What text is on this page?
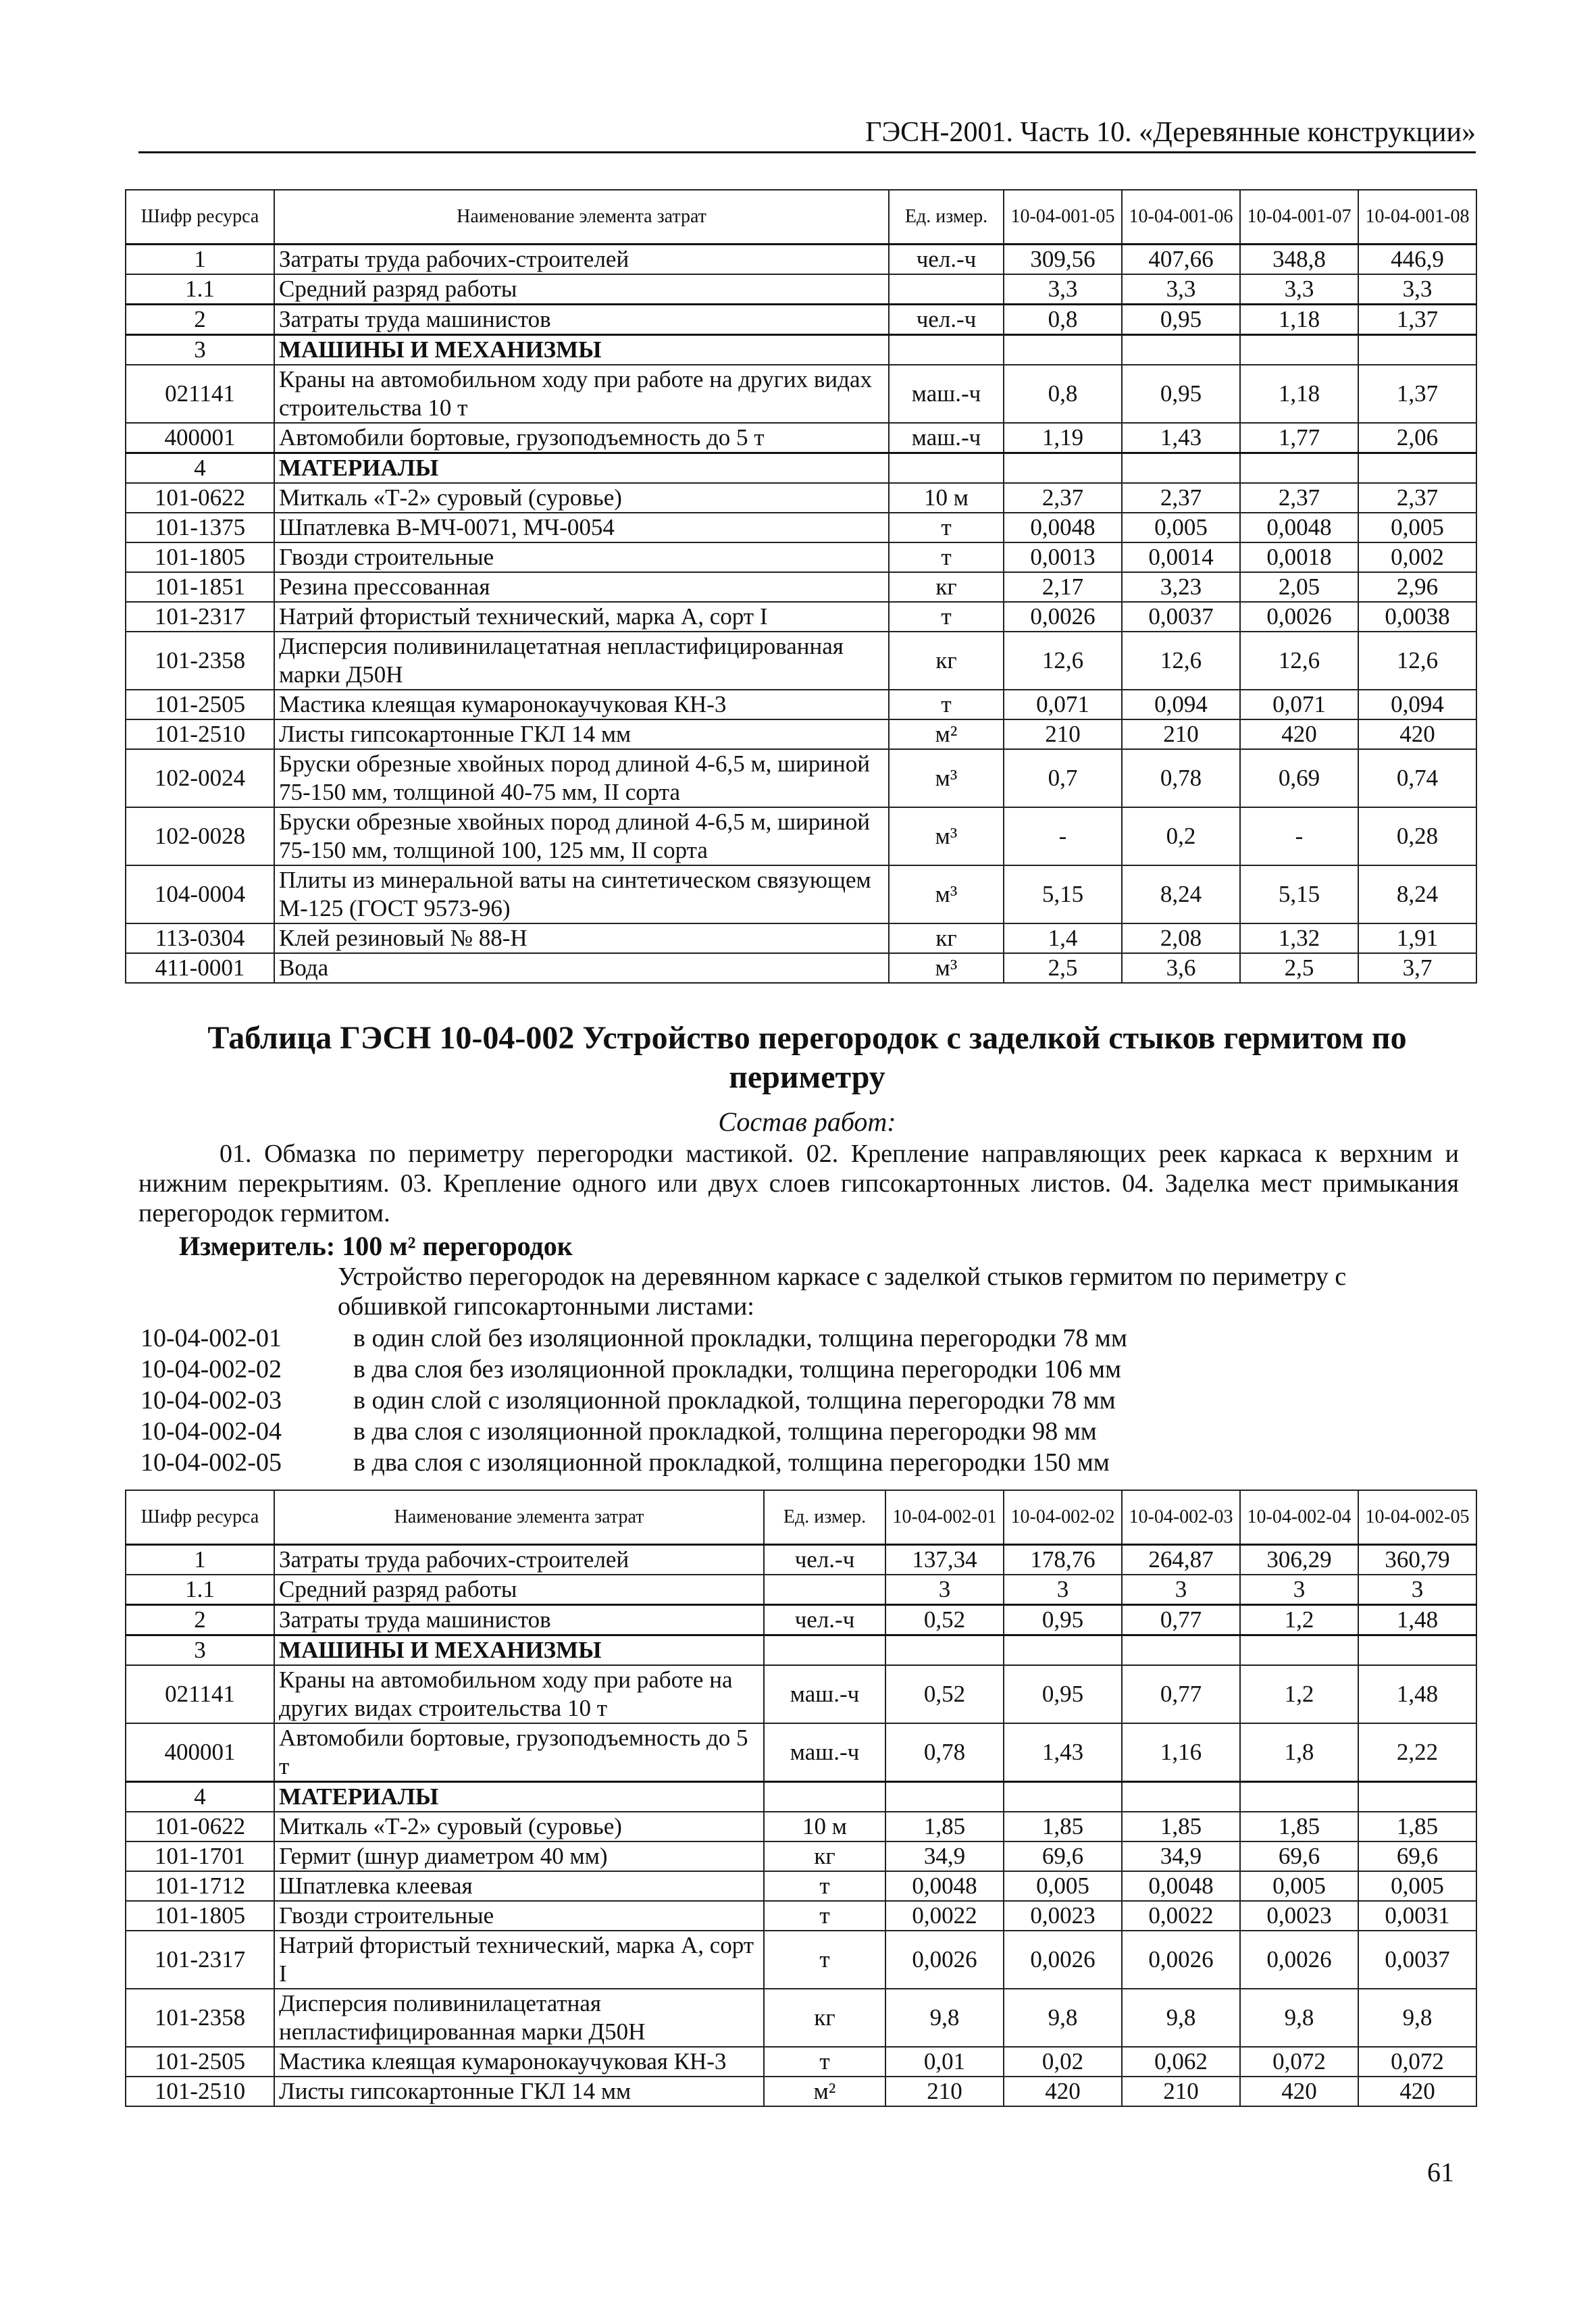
ГЭСН-2001. Часть 10. «Деревянные конструкции»
Шифр ресурса	Наименование элемента затрат	Ед. измер.	10-04-001-05	10-04-001-06	10-04-001-07	10-04-001-08
1	Затраты труда рабочих-строителей	чел.-ч	309,56	407,66	348,8	446,9
1.1	Средний разряд работы		3,3	3,3	3,3	3,3
2	Затраты труда машинистов	чел.-ч	0,8	0,95	1,18	1,37
3	МАШИНЫ И МЕХАНИЗМЫ					
021141	Краны на автомобильном ходу при работе на других видах строительства 10 т	маш.-ч	0,8	0,95	1,18	1,37
400001	Автомобили бортовые, грузоподъемность до 5 т	маш.-ч	1,19	1,43	1,77	2,06
4	МАТЕРИАЛЫ					
101-0622	Миткаль «Т-2» суровый (суровье)	10 м	2,37	2,37	2,37	2,37
101-1375	Шпатлевка В-МЧ-0071, МЧ-0054	т	0,0048	0,005	0,0048	0,005
101-1805	Гвозди строительные	т	0,0013	0,0014	0,0018	0,002
101-1851	Резина прессованная	кг	2,17	3,23	2,05	2,96
101-2317	Натрий фтористый технический, марка А, сорт I	т	0,0026	0,0037	0,0026	0,0038
101-2358	Дисперсия поливинилацетатная непластифицированная марки Д50Н	кг	12,6	12,6	12,6	12,6
101-2505	Мастика клеящая кумаронокаучуковая КН-3	т	0,071	0,094	0,071	0,094
101-2510	Листы гипсокартонные ГКЛ 14 мм	м²	210	210	420	420
102-0024	Бруски обрезные хвойных пород длиной 4-6,5 м, шириной 75-150 мм, толщиной 40-75 мм, II сорта	м³	0,7	0,78	0,69	0,74
102-0028	Бруски обрезные хвойных пород длиной 4-6,5 м, шириной 75-150 мм, толщиной 100, 125 мм, II сорта	м³	-	0,2	-	0,28
104-0004	Плиты из минеральной ваты на синтетическом связующем М-125 (ГОСТ 9573-96)	м³	5,15	8,24	5,15	8,24
113-0304	Клей резиновый № 88-Н	кг	1,4	2,08	1,32	1,91
411-0001	Вода	м³	2,5	3,6	2,5	3,7
Таблица ГЭСН 10-04-002 Устройство перегородок с заделкой стыков гермитом по периметру
Состав работ:
01. Обмазка по периметру перегородки мастикой. 02. Крепление направляющих реек каркаса к верхним и нижним перекрытиям. 03. Крепление одного или двух слоев гипсокартонных листов. 04. Заделка мест примыкания перегородок гермитом.
Измеритель: 100 м² перегородок
Устройство перегородок на деревянном каркасе с заделкой стыков гермитом по периметру с обшивкой гипсокартонными листами:
10-04-002-01	в один слой без изоляционной прокладки, толщина перегородки 78 мм
10-04-002-02	в два слоя без изоляционной прокладки, толщина перегородки 106 мм
10-04-002-03	в один слой с изоляционной прокладкой, толщина перегородки 78 мм
10-04-002-04	в два слоя с изоляционной прокладкой, толщина перегородки 98 мм
10-04-002-05	в два слоя с изоляционной прокладкой, толщина перегородки 150 мм
Шифр ресурса	Наименование элемента затрат	Ед. измер.	10-04-002-01	10-04-002-02	10-04-002-03	10-04-002-04	10-04-002-05
1	Затраты труда рабочих-строителей	чел.-ч	137,34	178,76	264,87	306,29	360,79
1.1	Средний разряд работы		3	3	3	3	3
2	Затраты труда машинистов	чел.-ч	0,52	0,95	0,77	1,2	1,48
3	МАШИНЫ И МЕХАНИЗМЫ						
021141	Краны на автомобильном ходу при работе на других видах строительства 10 т	маш.-ч	0,52	0,95	0,77	1,2	1,48
400001	Автомобили бортовые, грузоподъемность до 5 т	маш.-ч	0,78	1,43	1,16	1,8	2,22
4	МАТЕРИАЛЫ						
101-0622	Миткаль «Т-2» суровый (суровье)	10 м	1,85	1,85	1,85	1,85	1,85
101-1701	Гермит (шнур диаметром 40 мм)	кг	34,9	69,6	34,9	69,6	69,6
101-1712	Шпатлевка клеевая	т	0,0048	0,005	0,0048	0,005	0,005
101-1805	Гвозди строительные	т	0,0022	0,0023	0,0022	0,0023	0,0031
101-2317	Натрий фтористый технический, марка А, сорт I	т	0,0026	0,0026	0,0026	0,0026	0,0037
101-2358	Дисперсия поливинилацетатная непластифицированная марки Д50Н	кг	9,8	9,8	9,8	9,8	9,8
101-2505	Мастика клеящая кумаронокаучуковая КН-3	т	0,01	0,02	0,062	0,072	0,072
101-2510	Листы гипсокартонные ГКЛ 14 мм	м²	210	420	210	420	420
61
